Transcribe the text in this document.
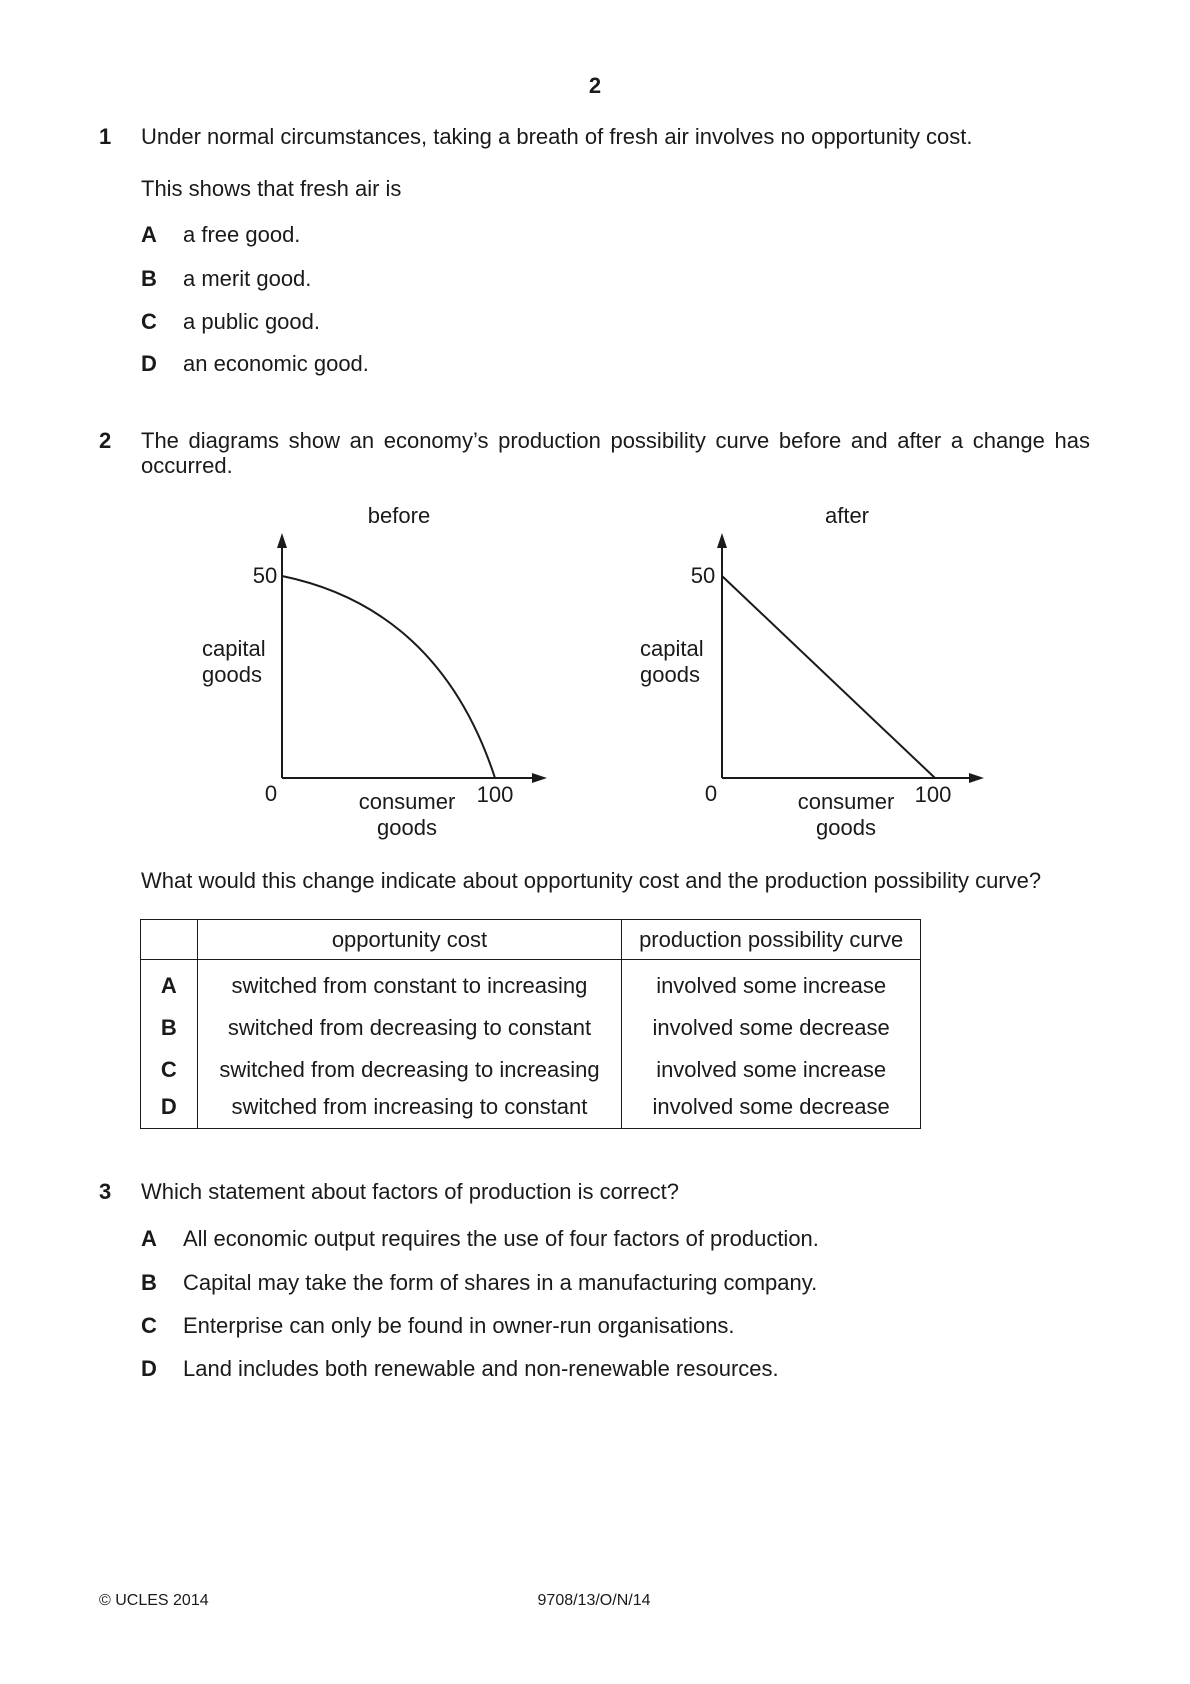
2
1 Under normal circumstances, taking a breath of fresh air involves no opportunity cost.
This shows that fresh air is
A	a free good.
B	a merit good.
C	a public good.
D	an economic good.
2 The diagrams show an economy’s production possibility curve before and after a change has occurred.
before
50
capital goods
0	100
consumer goods
after
50
capital goods
0	100
consumer goods
What would this change indicate about opportunity cost and the production possibility curve?
	opportunity cost	production possibility curve
A	switched from constant to increasing	involved some increase
B	switched from decreasing to constant	involved some decrease
C	switched from decreasing to increasing	involved some increase
D	switched from increasing to constant	involved some decrease
3 Which statement about factors of production is correct?
A	All economic output requires the use of four factors of production.
B	Capital may take the form of shares in a manufacturing company.
C	Enterprise can only be found in owner-run organisations.
D	Land includes both renewable and non-renewable resources.
© UCLES 2014	9708/13/O/N/14
